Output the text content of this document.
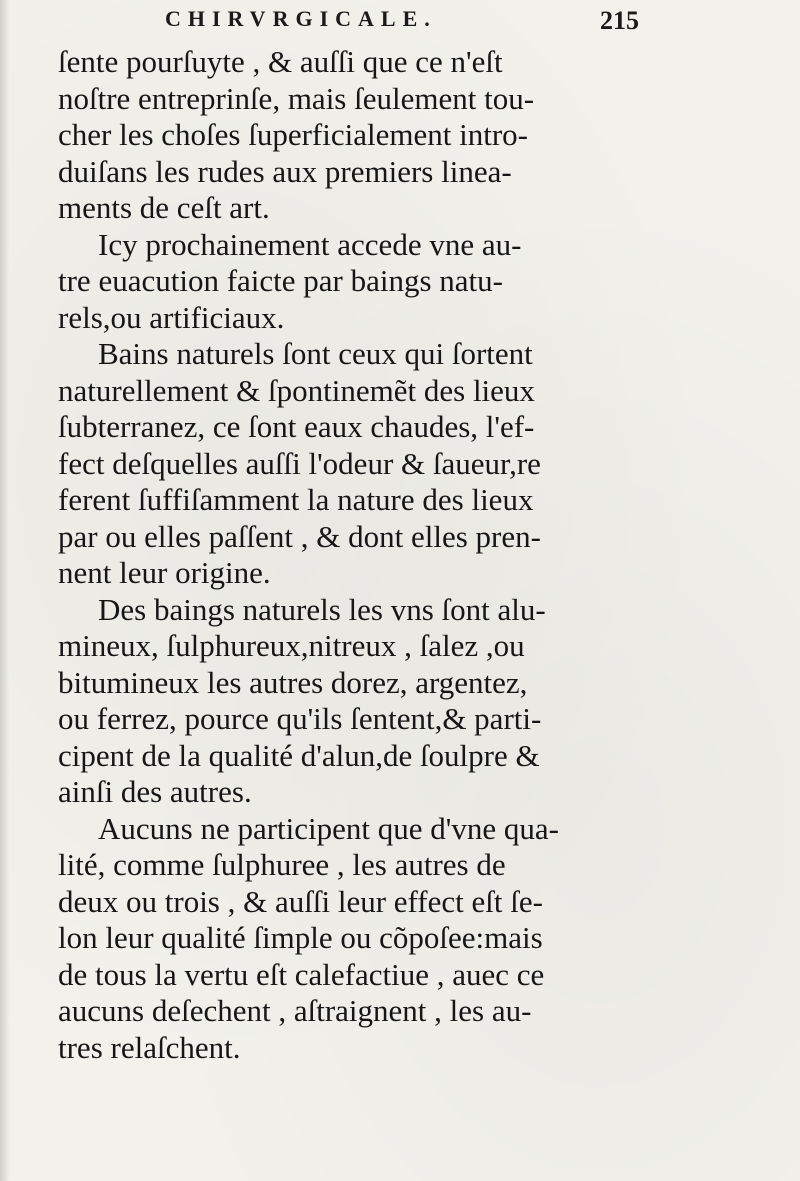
CHIRVRGICALE.	215
ſente pourſuyte , & auſſi que ce n'eſt
noſtre entreprinſe, mais ſeulement tou-
cher les choſes ſuperficialement intro-
duiſans les rudes aux premiers linea-
ments de ceſt art.
Icy prochainement accede vne au-
tre euacution faicte par baings natu-
rels,ou artificiaux.
Bains naturels ſont ceux qui ſortent
naturellement & ſpontinemẽt des lieux
ſubterranez, ce ſont eaux chaudes, l'ef-
fect deſquelles auſſi l'odeur & ſaueur,re
ferent ſuffiſamment la nature des lieux
par ou elles paſſent , & dont elles pren-
nent leur origine.
Des baings naturels les vns ſont alu-
mineux, ſulphureux,nitreux , ſalez ,ou
bitumineux les autres dorez, argentez,
ou ferrez, pource qu'ils ſentent,& parti-
cipent de la qualité d'alun,de ſoulpre &
ainſi des autres.
Aucuns ne participent que d'vne qua-
lité, comme ſulphuree , les autres de
deux ou trois , & auſſi leur effect eſt ſe-
lon leur qualité ſimple ou cõpoſee:mais
de tous la vertu eſt calefactiue , auec ce
aucuns deſechent , aſtraignent , les au-
tres relaſchent.
